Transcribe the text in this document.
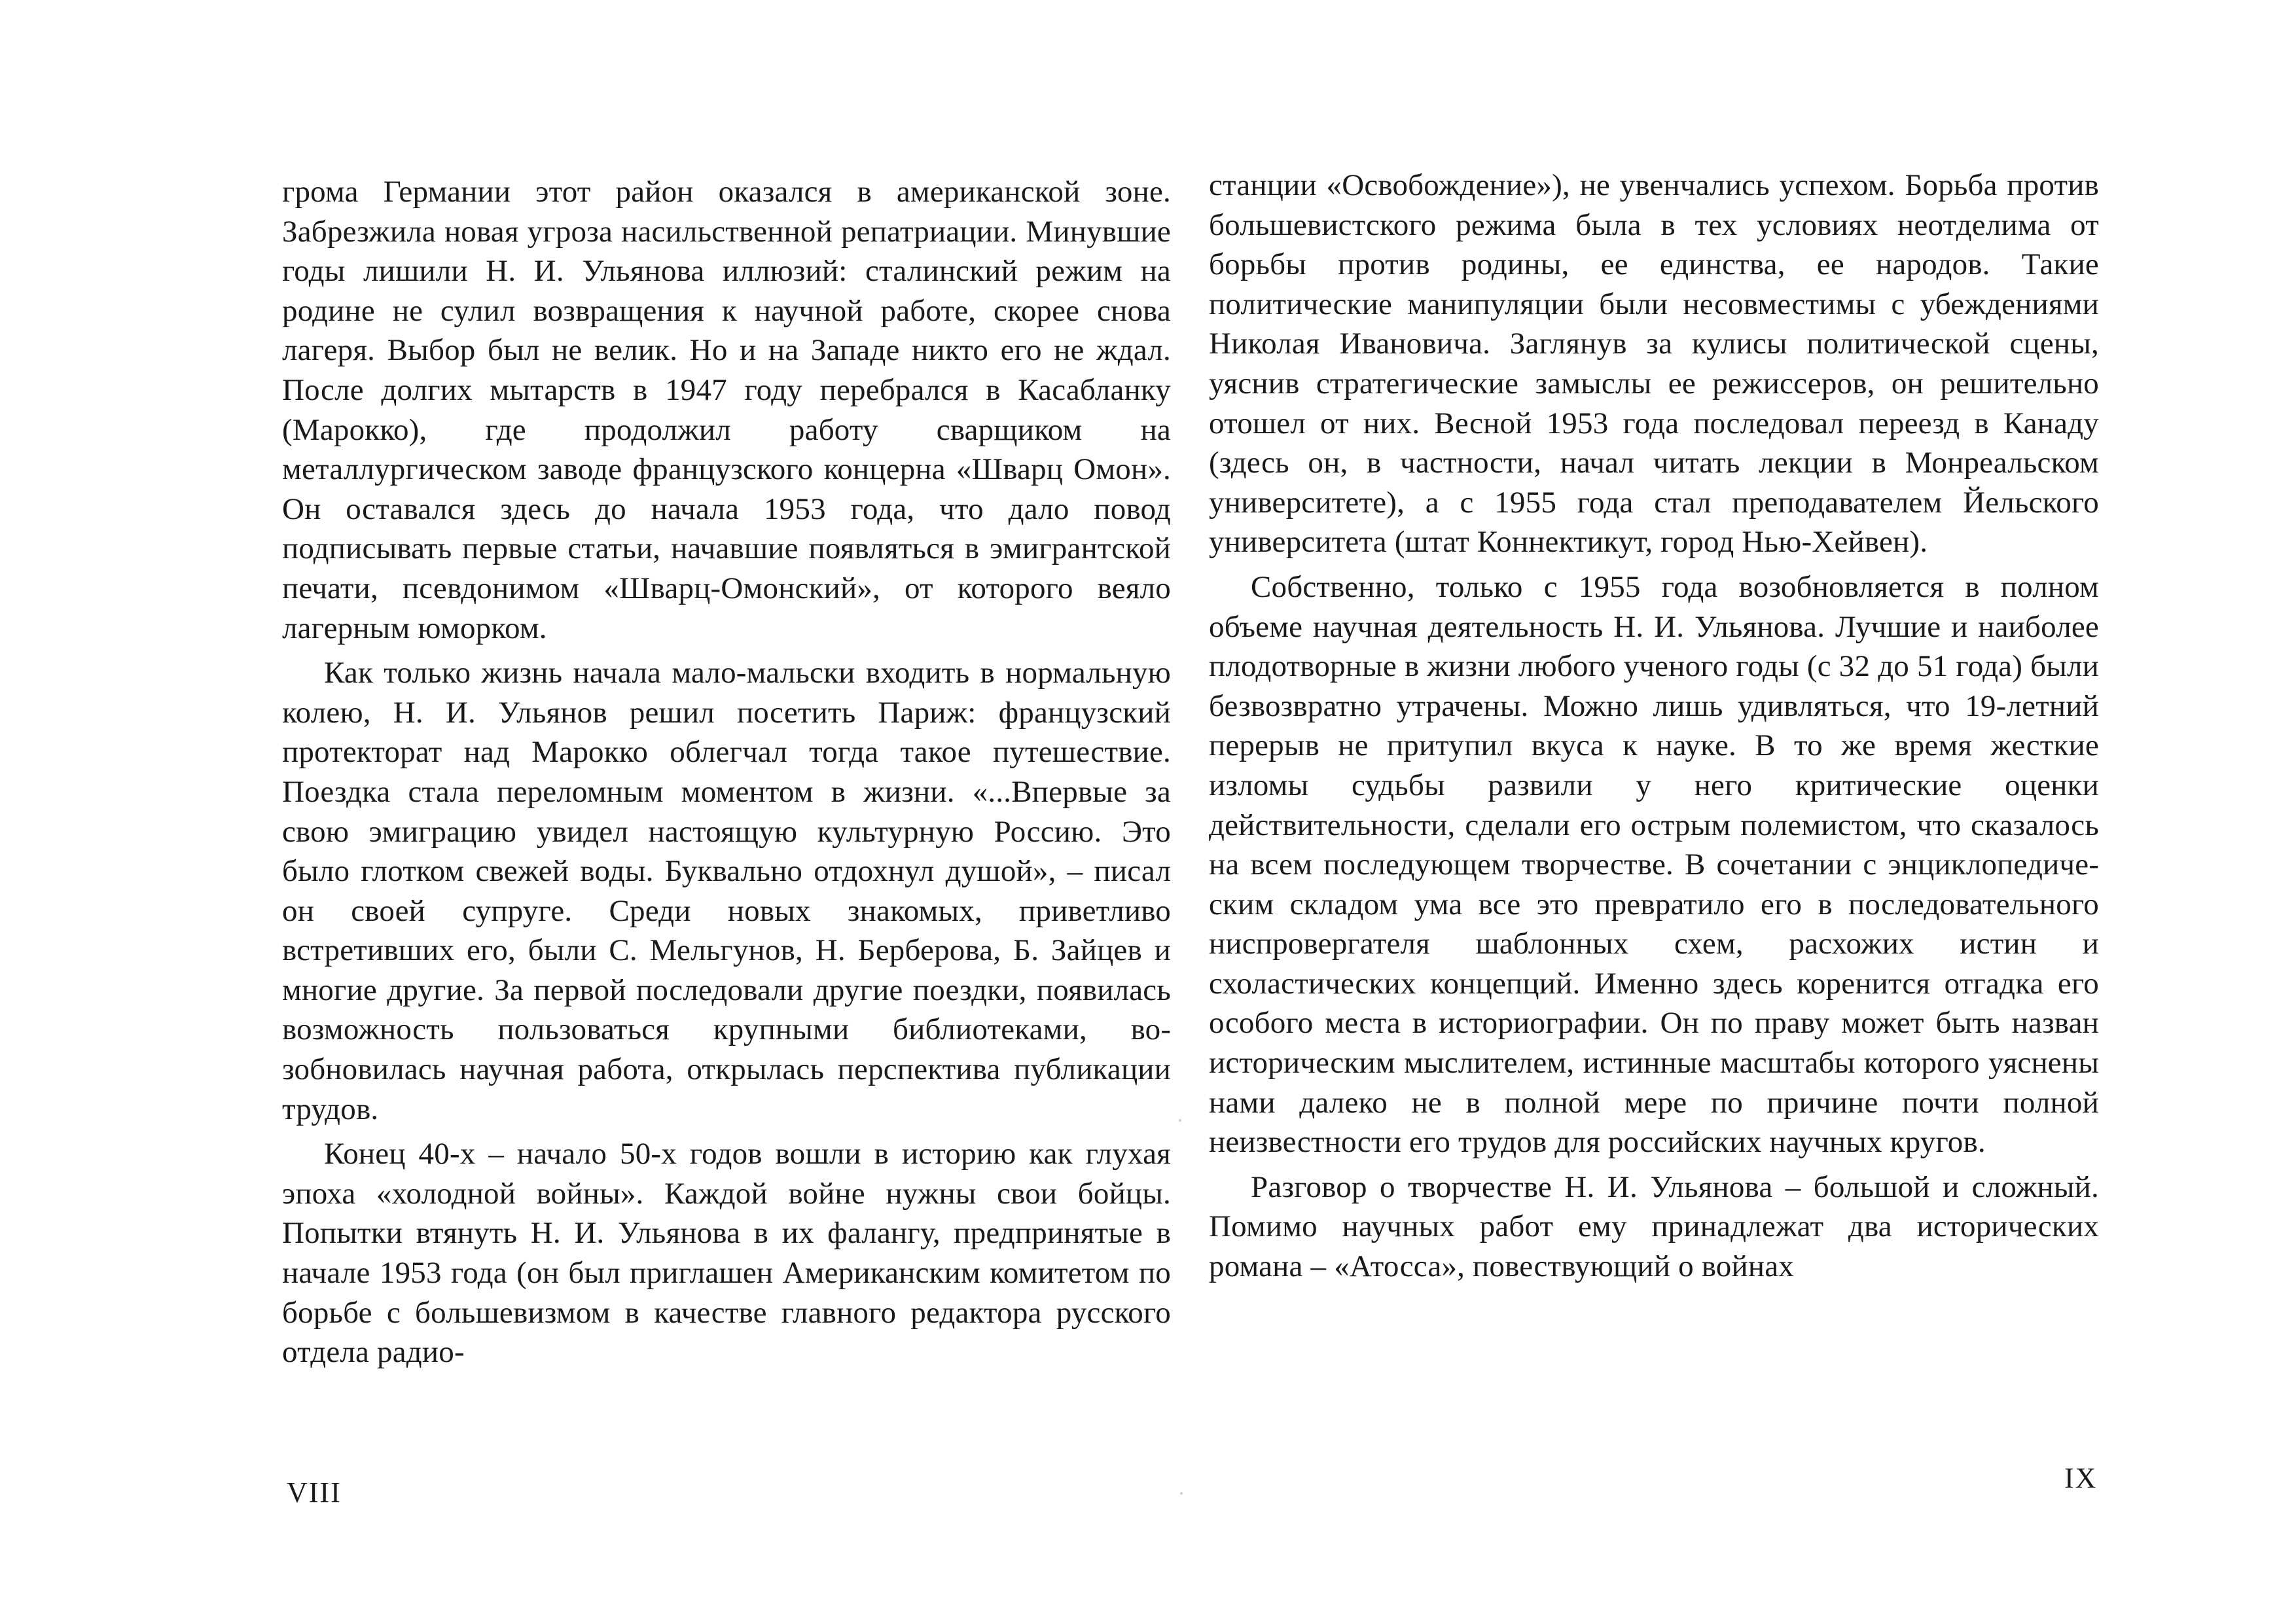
грома Германии этот район оказался в американской зоне. Забрезжила новая угроза насильственной репатриации. Минувшие годы лишили Н. И. Ульянова иллюзий: сталинский режим на родине не сулил возвращения к научной работе, скорее снова лагеря. Выбор был не велик. Но и на Западе никто его не ждал. После долгих мытарств в 1947 году перебрался в Касабланку (Марокко), где продолжил работу сварщиком на металлургическом заводе французского концерна «Шварц Омон». Он оставался здесь до начала 1953 года, что дало повод подписывать первые статьи, начавшие появляться в эмигрантской печати, псевдонимом «Шварц-Омонский», от которого веяло лагерным юморком.

Как только жизнь начала мало-мальски входить в нормальную колею, Н. И. Ульянов решил посетить Париж: французский протекторат над Марокко облегчал тогда такое путешествие. Поездка стала переломным моментом в жизни. «...Впервые за свою эмиграцию увидел настоящую культурную Россию. Это было глотком свежей воды. Буквально отдохнул душой», – писал он своей супруге. Среди новых знакомых, приветливо встретивших его, были С. Мельгунов, Н. Берберова, Б. Зайцев и многие другие. За первой последовали другие поездки, появилась возможность пользоваться крупными библиотеками, возобновилась научная работа, открылась перспектива публикации трудов.

Конец 40-х – начало 50-х годов вошли в историю как глухая эпоха «холодной войны». Каждой войне нужны свои бойцы. Попытки втянуть Н. И. Ульянова в их фалангу, предпринятые в начале 1953 года (он был приглашен Американским комитетом по борьбе с большевизмом в качестве главного редактора русского отдела радио-

VIII

станции «Освобождение»), не увенчались успехом. Борьба против большевистского режима была в тех условиях неотделима от борьбы против родины, ее единства, ее народов. Такие политические манипуляции были несовместимы с убеждениями Николая Ивановича. Заглянув за кулисы политической сцены, уяснив стратегические замыслы ее режиссеров, он решительно отошел от них. Весной 1953 года последовал переезд в Канаду (здесь он, в частности, начал читать лекции в Монреальском университете), а с 1955 года стал преподавателем Йельского университета (штат Коннектикут, город Нью-Хейвен).

Собственно, только с 1955 года возобновляется в полном объеме научная деятельность Н. И. Ульянова. Лучшие и наиболее плодотворные в жизни любого ученого годы (с 32 до 51 года) были безвозвратно утрачены. Можно лишь удивляться, что 19-летний перерыв не притупил вкуса к науке. В то же время жесткие изломы судьбы развили у него критические оценки действительности, сделали его острым полемистом, что сказалось на всем последующем творчестве. В сочетании с энциклопедическим складом ума все это превратило его в последовательного ниспровергателя шаблонных схем, расхожих истин и схоластических концепций. Именно здесь коренится отгадка его особого места в историографии. Он по праву может быть назван историческим мыслителем, истинные масштабы которого уяснены нами далеко не в полной мере по причине почти полной неизвестности его трудов для российских научных кругов.

Разговор о творчестве Н. И. Ульянова – большой и сложный. Помимо научных работ ему принадлежат два исторических романа – «Атосса», повествующий о войнах

IX
